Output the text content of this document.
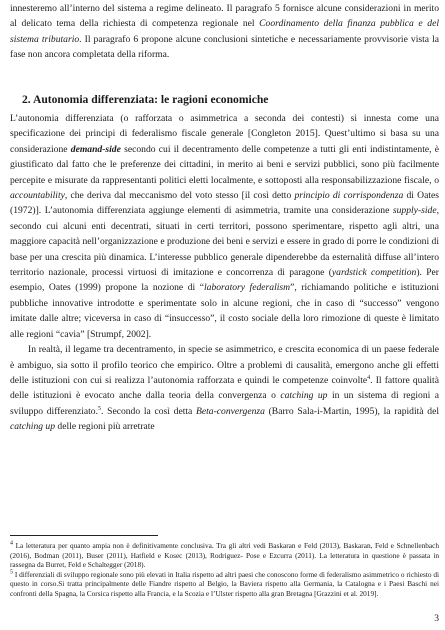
innesteremo all’interno del sistema a regime delineato. Il paragrafo 5 fornisce alcune considerazioni in merito al delicato tema della richiesta di competenza regionale nel Coordinamento della finanza pubblica e del sistema tributario. Il paragrafo 6 propone alcune conclusioni sintetiche e necessariamente provvisorie vista la fase non ancora completata della riforma.

2. Autonomia differenziata: le ragioni economiche

L’autonomia differenziata (o rafforzata o asimmetrica a seconda dei contesti) si innesta come una specificazione dei principi di federalismo fiscale generale [Congleton 2015]. Quest’ultimo si basa su una considerazione demand-side secondo cui il decentramento delle competenze a tutti gli enti indistintamente, è giustificato dal fatto che le preferenze dei cittadini, in merito ai beni e servizi pubblici, sono più facilmente percepite e misurate da rappresentanti politici eletti localmente, e sottoposti alla responsabilizzazione fiscale, o accountability, che deriva dal meccanismo del voto stesso [il così detto principio di corrispondenza di Oates (1972)]. L’autonomia differenziata aggiunge elementi di asimmetria, tramite una considerazione supply-side, secondo cui alcuni enti decentrati, situati in certi territori, possono sperimentare, rispetto agli altri, una maggiore capacità nell’organizzazione e produzione dei beni e servizi e essere in grado di porre le condizioni di base per una crescita più dinamica. L’interesse pubblico generale dipenderebbe da esternalità diffuse all’intero territorio nazionale, processi virtuosi di imitazione e concorrenza di paragone (yardstick competition). Per esempio, Oates (1999) propone la nozione di “laboratory federalism”, richiamando politiche e istituzioni pubbliche innovative introdotte e sperimentate solo in alcune regioni, che in caso di “successo” vengono imitate dalle altre; viceversa in caso di “insuccesso”, il costo sociale della loro rimozione di queste è limitato alle regioni “cavia” [Strumpf, 2002].

In realtà, il legame tra decentramento, in specie se asimmetrico, e crescita economica di un paese federale è ambiguo, sia sotto il profilo teorico che empirico. Oltre a problemi di causalità, emergono anche gli effetti delle istituzioni con cui si realizza l’autonomia rafforzata e quindi le competenze coinvolte$^4$. Il fattore qualità delle istituzioni è evocato anche dalla teoria della convergenza o catching up in un sistema di regioni a sviluppo differenziato.$^5$. Secondo la così detta Beta-convergenza (Barro Sala-i-Martin, 1995), la rapidità del catching up delle regioni più arretrate

$^4$ La letteratura per quanto ampia non è definitivamente conclusiva. Tra gli altri vedi Baskaran e Feld (2013), Baskaran, Feld e Schnellenbach (2016), Bodman (2011), Buser (2011), Hatfield e Kosec (2013), Rodriguez- Pose e Ezcurra (2011). La letteratura in questione è passata in rassegna da Burret, Feld e Schaltegger (2018).

$^5$ I differenziali di sviluppo regionale sono più elevati in Italia rispetto ad altri paesi che conoscono forme di federalismo asimmetrico o richiesto di questo in corso.Si tratta principalmente delle Fiandre rispetto al Belgio, la Baviera rispetto alla Germania, la Catalogna e i Paesi Baschi nei confronti della Spagna, la Corsica rispetto alla Francia, e la Scozia e l’Ulster rispetto alla gran Bretagna [Grazzini et al. 2019].

3
